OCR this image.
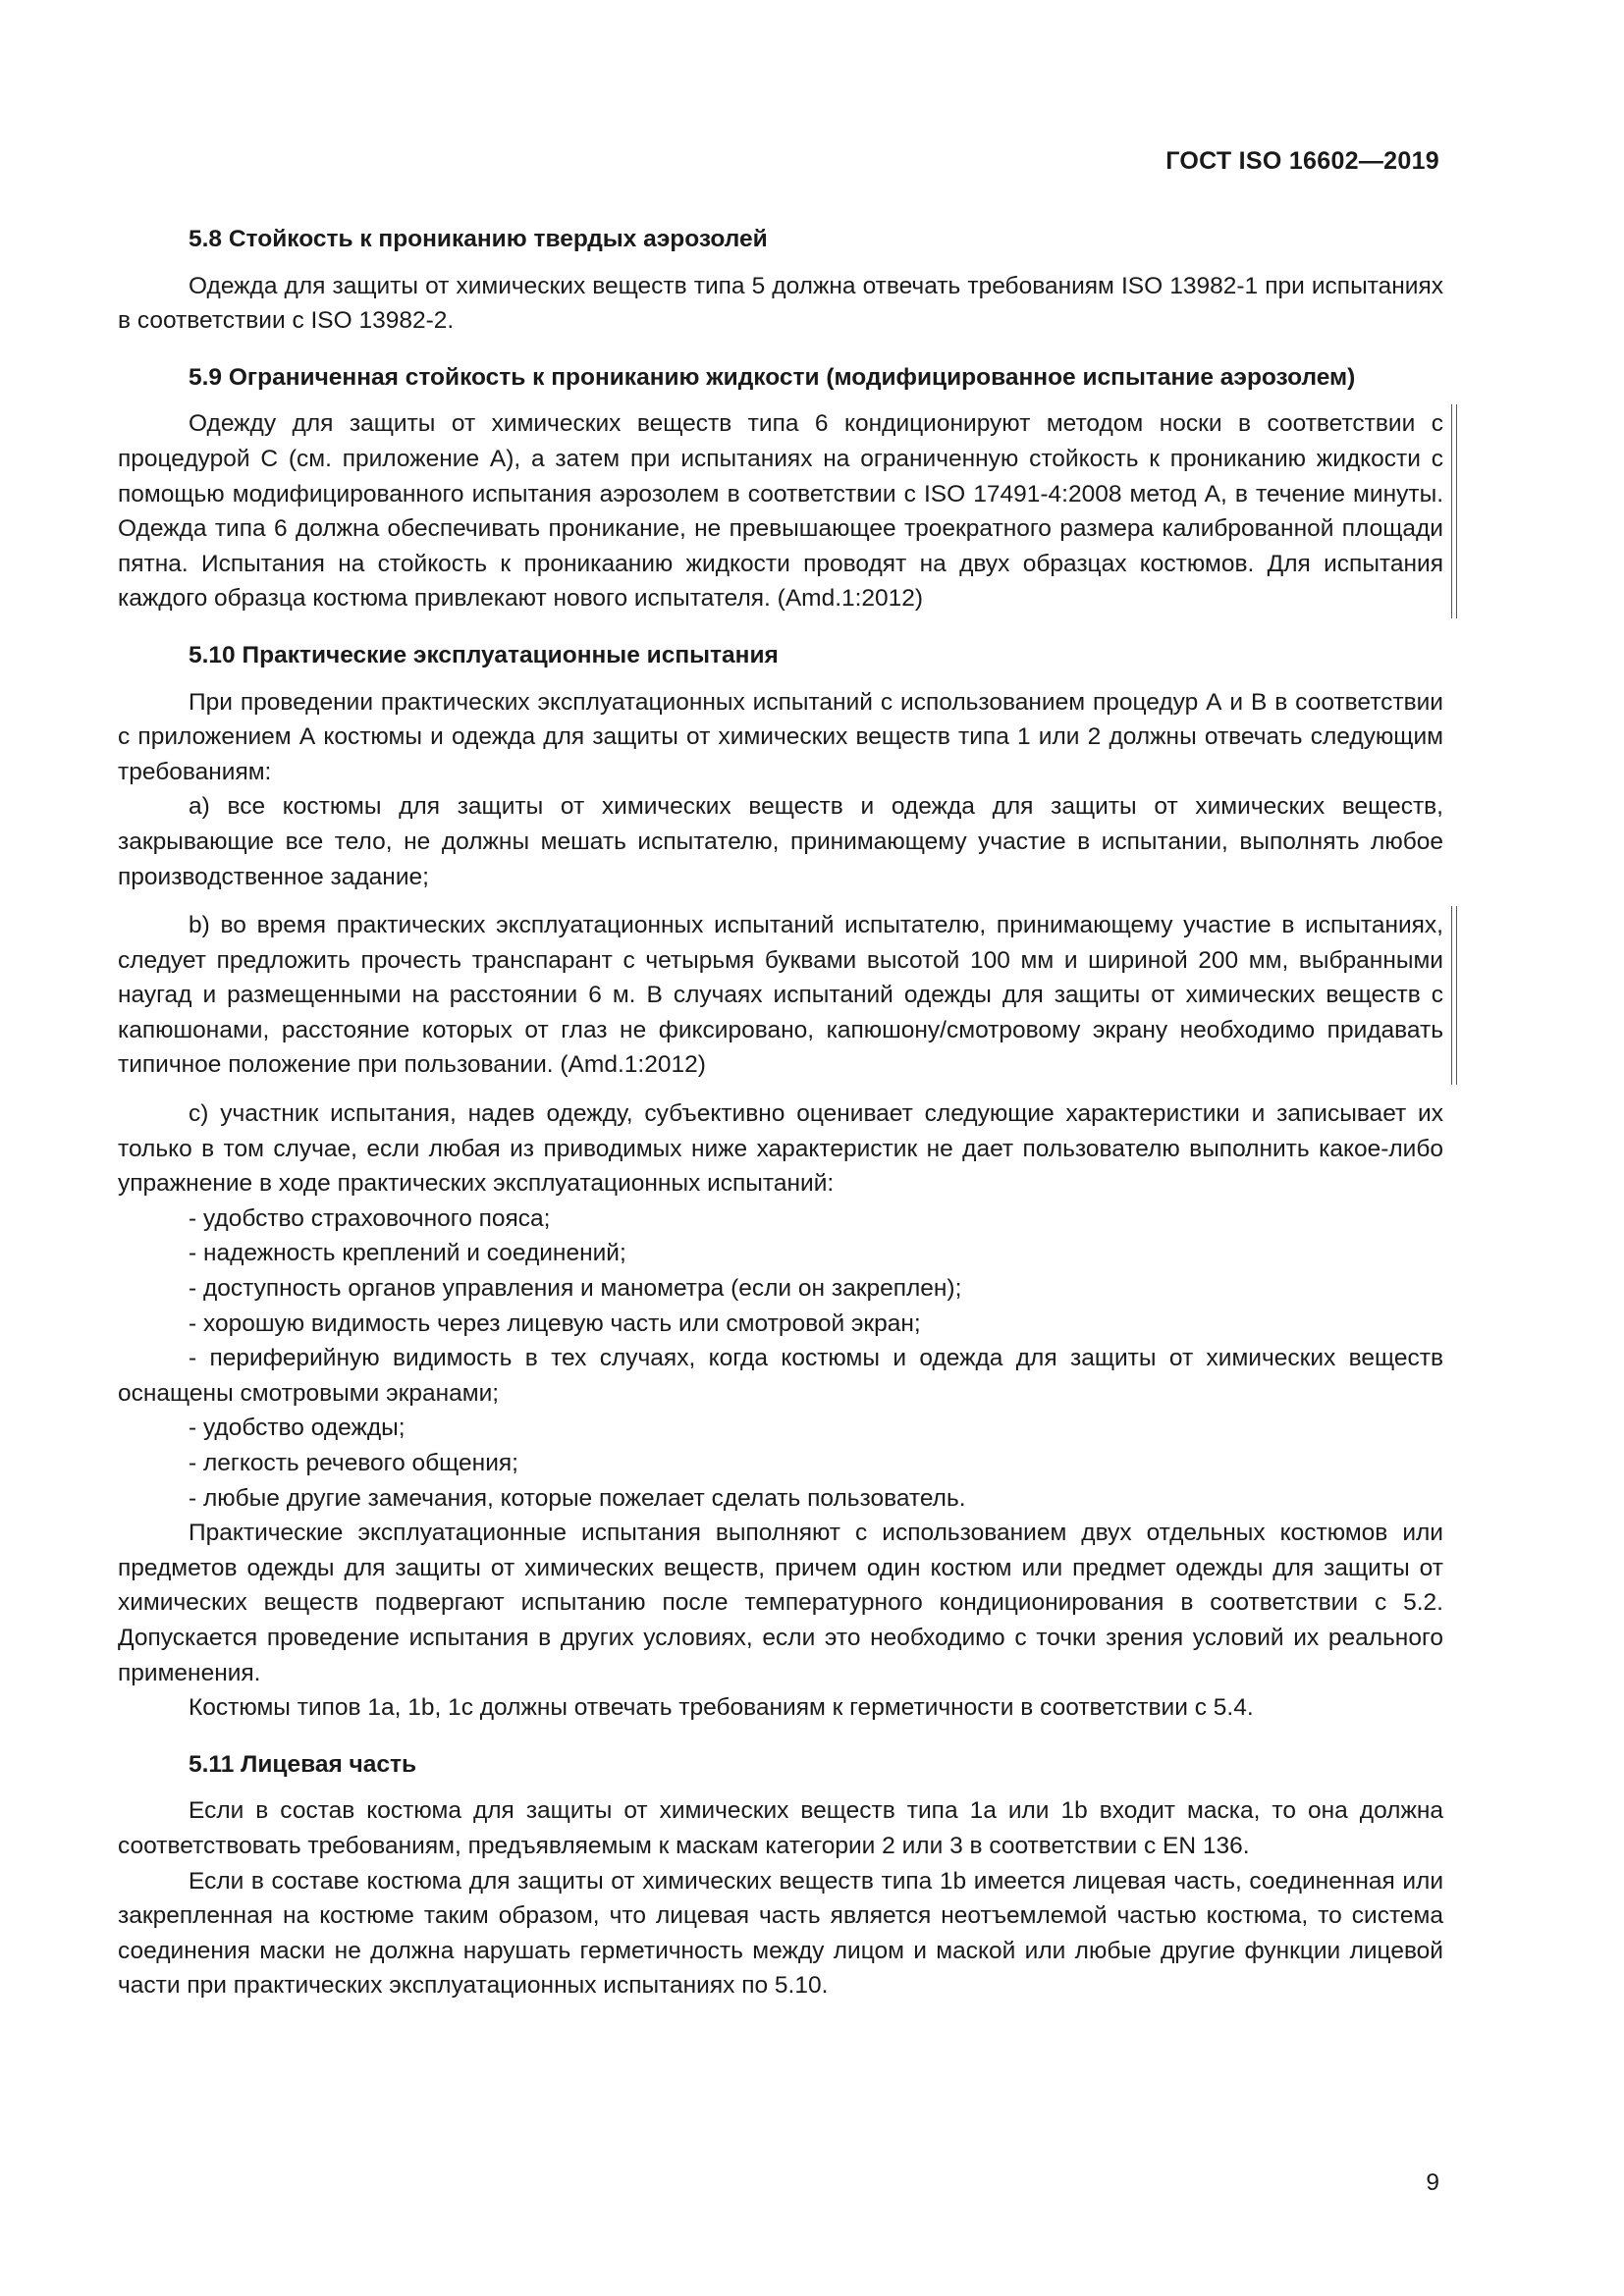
ГОСТ ISO 16602—2019
5.8 Стойкость к прониканию твердых аэрозолей

Одежда для защиты от химических веществ типа 5 должна отвечать требованиям ISO 13982-1 при испытаниях в соответствии с ISO 13982-2.

5.9 Ограниченная стойкость к прониканию жидкости (модифицированное испытание аэрозолем)

Одежду для защиты от химических веществ типа 6 кондиционируют методом носки в соответствии с процедурой С (см. приложение А), а затем при испытаниях на ограниченную стойкость к прониканию жидкости с помощью модифицированного испытания аэрозолем в соответствии с ISO 17491-4:2008 метод А, в течение минуты. Одежда типа 6 должна обеспечивать проникание, не превышающее троекратного размера калиброванной площади пятна. Испытания на стойкость к проникаанию жидкости проводят на двух образцах костюмов. Для испытания каждого образца костюма привлекают нового испытателя. (Amd.1:2012)

5.10 Практические эксплуатационные испытания

При проведении практических эксплуатационных испытаний с использованием процедур А и В в соответствии с приложением А костюмы и одежда для защиты от химических веществ типа 1 или 2 должны отвечать следующим требованиям:

a) все костюмы для защиты от химических веществ и одежда для защиты от химических веществ, закрывающие все тело, не должны мешать испытателю, принимающему участие в испытании, выполнять любое производственное задание;

b) во время практических эксплуатационных испытаний испытателю, принимающему участие в испытаниях, следует предложить прочесть транспарант с четырьмя буквами высотой 100 мм и шириной 200 мм, выбранными наугад и размещенными на расстоянии 6 м. В случаях испытаний одежды для защиты от химических веществ с капюшонами, расстояние которых от глаз не фиксировано, капюшону/смотровому экрану необходимо придавать типичное положение при пользовании. (Amd.1:2012)

c) участник испытания, надев одежду, субъективно оценивает следующие характеристики и записывает их только в том случае, если любая из приводимых ниже характеристик не дает пользователю выполнить какое-либо упражнение в ходе практических эксплуатационных испытаний:

- удобство страховочного пояса;

- надежность креплений и соединений;

- доступность органов управления и манометра (если он закреплен);

- хорошую видимость через лицевую часть или смотровой экран;

- периферийную видимость в тех случаях, когда костюмы и одежда для защиты от химических веществ оснащены смотровыми экранами;

- удобство одежды;

- легкость речевого общения;

- любые другие замечания, которые пожелает сделать пользователь.

Практические эксплуатационные испытания выполняют с использованием двух отдельных костюмов или предметов одежды для защиты от химических веществ, причем один костюм или предмет одежды для защиты от химических веществ подвергают испытанию после температурного кондиционирования в соответствии с 5.2. Допускается проведение испытания в других условиях, если это необходимо с точки зрения условий их реального применения.

Костюмы типов 1a, 1b, 1c должны отвечать требованиям к герметичности в соответствии с 5.4.

5.11 Лицевая часть

Если в состав костюма для защиты от химических веществ типа 1a или 1b входит маска, то она должна соответствовать требованиям, предъявляемым к маскам категории 2 или 3 в соответствии с EN 136.

Если в составе костюма для защиты от химических веществ типа 1b имеется лицевая часть, соединенная или закрепленная на костюме таким образом, что лицевая часть является неотъемлемой частью костюма, то система соединения маски не должна нарушать герметичность между лицом и маской или любые другие функции лицевой части при практических эксплуатационных испытаниях по 5.10.

9
